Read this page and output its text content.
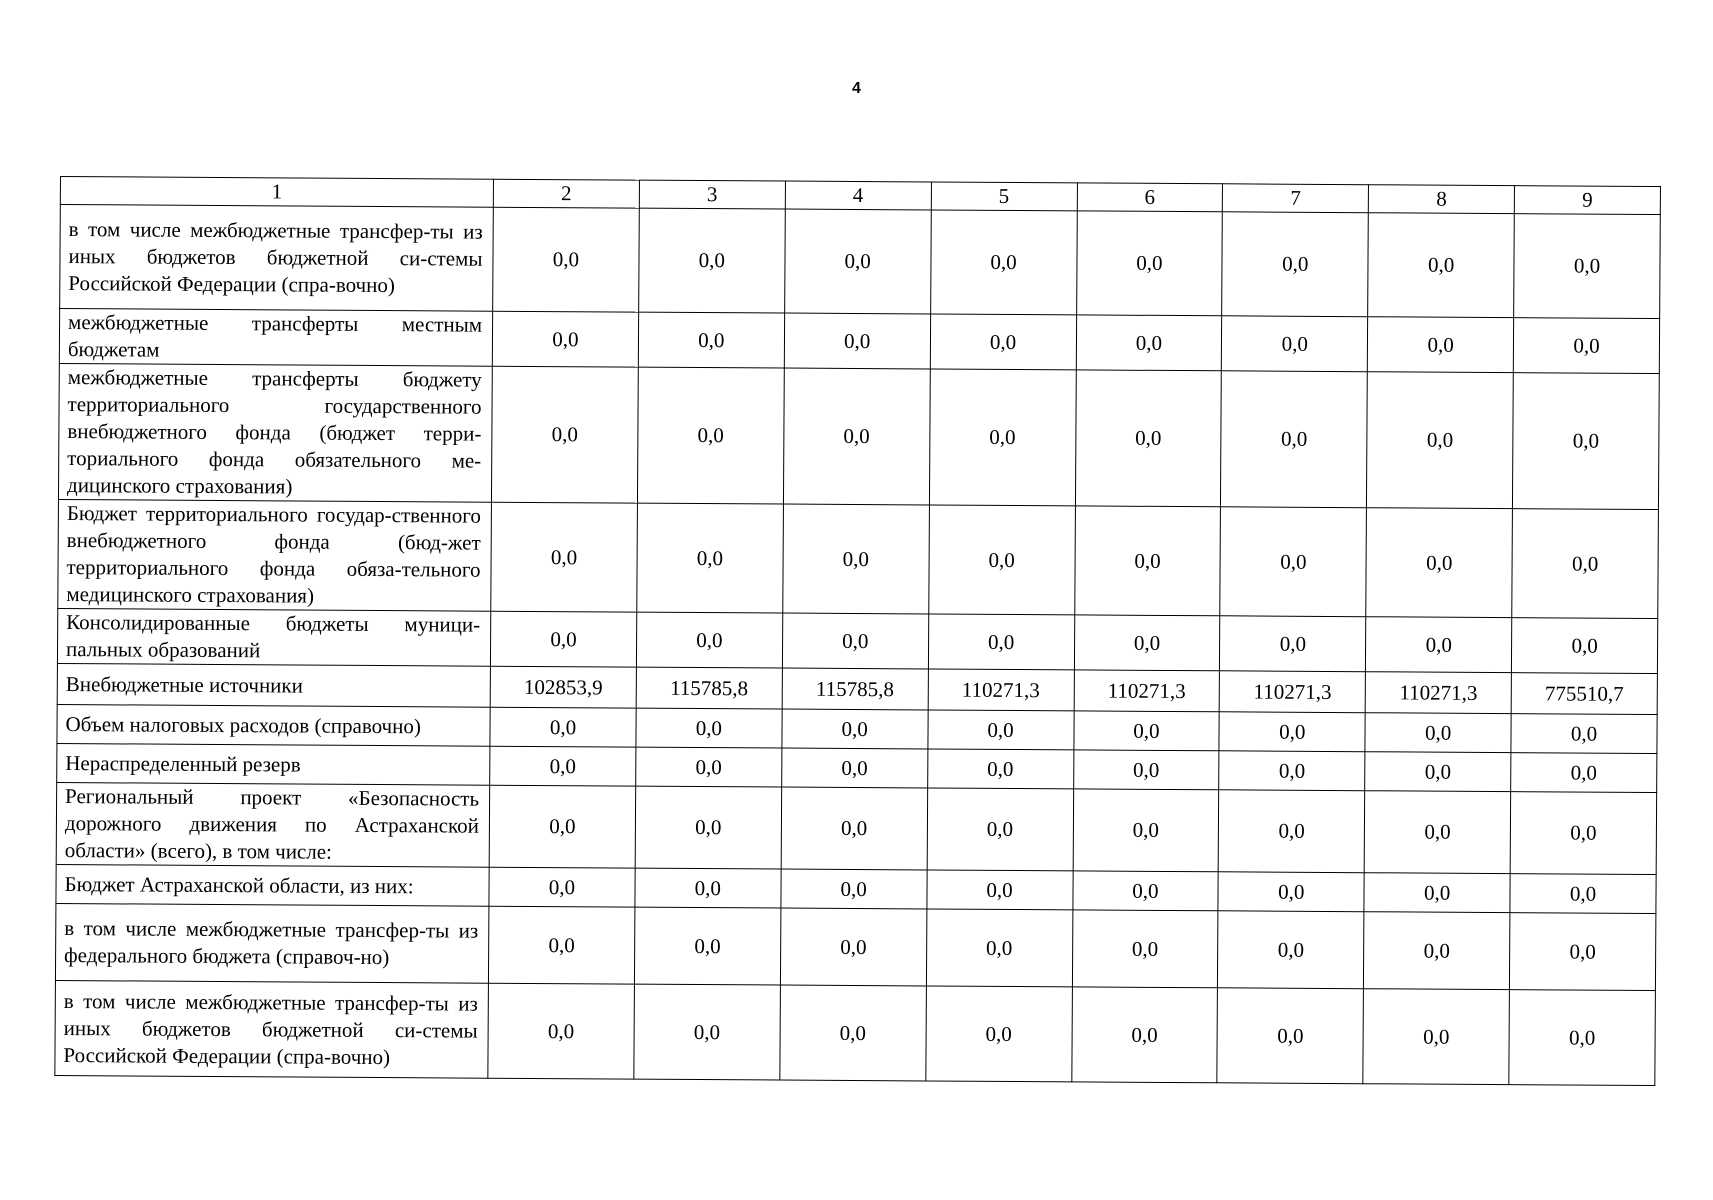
4
1	2	3	4	5	6	7	8	9
в том числе межбюджетные трансфер-ты из иных бюджетов бюджетной си-стемы Российской Федерации (спра-вочно)	0,0	0,0	0,0	0,0	0,0	0,0	0,0	0,0
межбюджетные трансферты местным бюджетам	0,0	0,0	0,0	0,0	0,0	0,0	0,0	0,0
межбюджетные трансферты бюджету территориального государственного внебюджетного фонда (бюджет терри-ториального фонда обязательного ме-дицинского страхования)	0,0	0,0	0,0	0,0	0,0	0,0	0,0	0,0
Бюджет территориального государ-ственного внебюджетного фонда (бюд-жет территориального фонда обяза-тельного медицинского страхования)	0,0	0,0	0,0	0,0	0,0	0,0	0,0	0,0
Консолидированные бюджеты муници-пальных образований	0,0	0,0	0,0	0,0	0,0	0,0	0,0	0,0
Внебюджетные источники	102853,9	115785,8	115785,8	110271,3	110271,3	110271,3	110271,3	775510,7
Объем налоговых расходов (справочно)	0,0	0,0	0,0	0,0	0,0	0,0	0,0	0,0
Нераспределенный резерв	0,0	0,0	0,0	0,0	0,0	0,0	0,0	0,0
Региональный проект «Безопасность дорожного движения по Астраханской области» (всего), в том числе:	0,0	0,0	0,0	0,0	0,0	0,0	0,0	0,0
Бюджет Астраханской области, из них:	0,0	0,0	0,0	0,0	0,0	0,0	0,0	0,0
в том числе межбюджетные трансфер-ты из федерального бюджета (справоч-но)	0,0	0,0	0,0	0,0	0,0	0,0	0,0	0,0
в том числе межбюджетные трансфер-ты из иных бюджетов бюджетной си-стемы Российской Федерации (спра-вочно)	0,0	0,0	0,0	0,0	0,0	0,0	0,0	0,0
